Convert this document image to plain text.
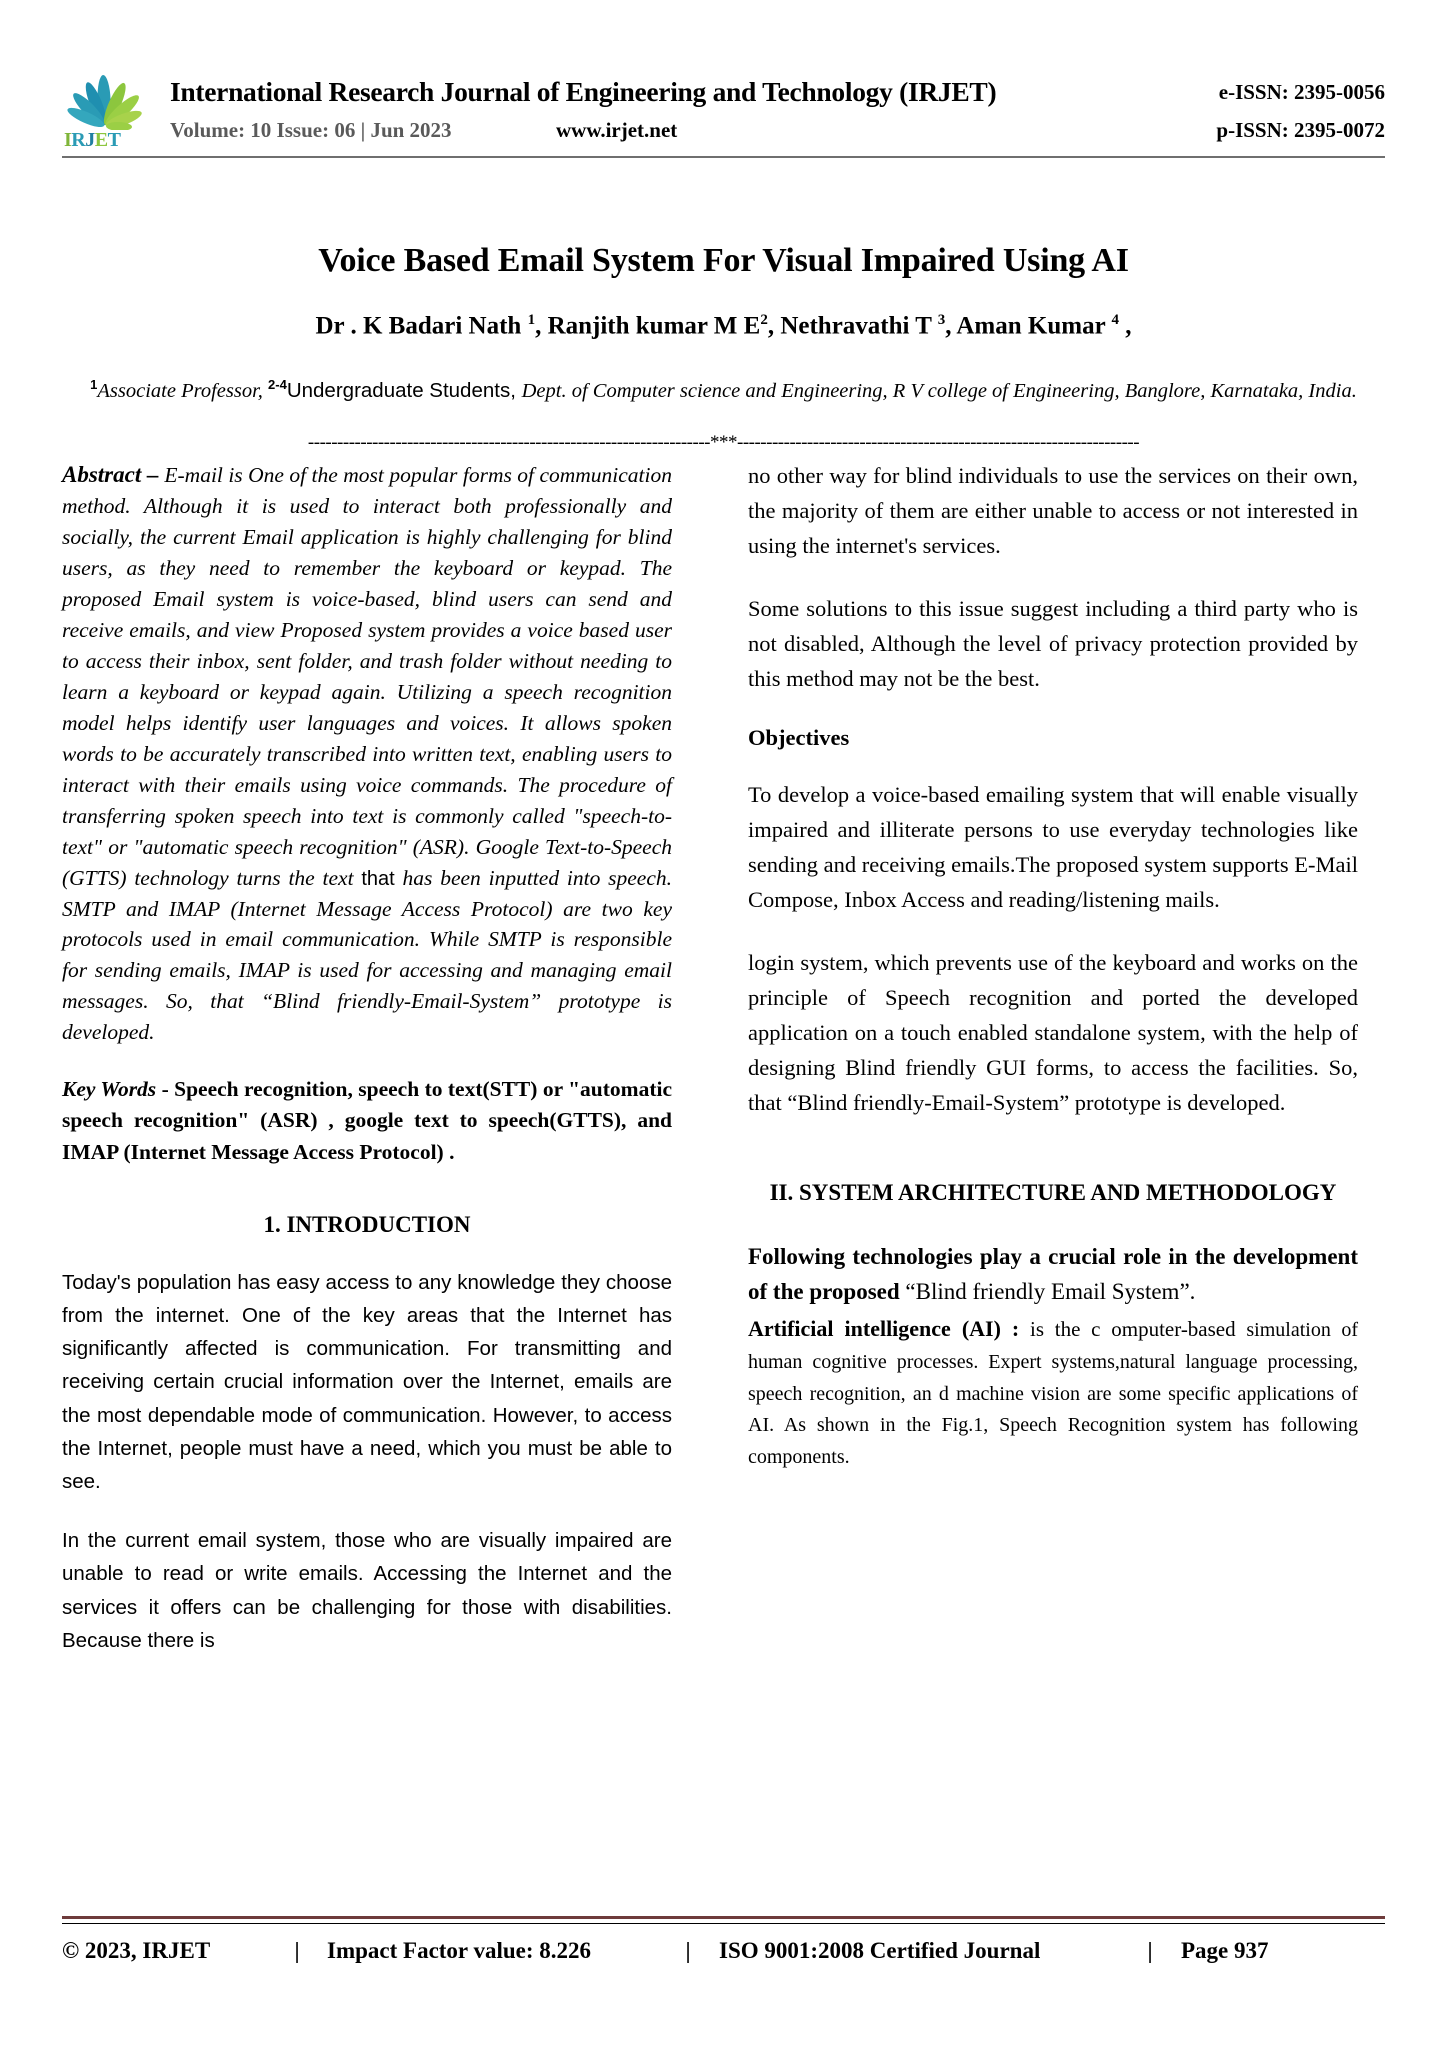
IRJET
International Research Journal of Engineering and Technology (IRJET)	e-ISSN: 2395-0056
Volume: 10 Issue: 06 | Jun 2023	www.irjet.net	p-ISSN: 2395-0072
Voice Based Email System For Visual Impaired Using AI
Dr . K Badari Nath $^1$, Ranjith kumar M $E^2$, Nethravathi T $^3$, Aman Kumar $^4$ ,
$^1$Associate Professor, $^{2-4}$Undergraduate Students, Dept. of Computer science and Engineering, R V college of Engineering, Banglore, Karnataka, India.
---------------------------------------------------------------------***---------------------------------------------------------------------

Abstract – E-mail is One of the most popular forms of communication method. Although it is used to interact both professionally and socially, the current Email application is highly challenging for blind users, as they need to remember the keyboard or keypad. The proposed Email system is voice-based, blind users can send and receive emails, and view Proposed system provides a voice based user to access their inbox, sent folder, and trash folder without needing to learn a keyboard or keypad again. Utilizing a speech recognition model helps identify user languages and voices. It allows spoken words to be accurately transcribed into written text, enabling users to interact with their emails using voice commands. The procedure of transferring spoken speech into text is commonly called "speech-to-text" or "automatic speech recognition" (ASR). Google Text-to-Speech (GTTS) technology turns the text that has been inputted into speech. SMTP and IMAP (Internet Message Access Protocol) are two key protocols used in email communication. While SMTP is responsible for sending emails, IMAP is used for accessing and managing email messages. So, that “Blind friendly-Email-System” prototype is developed.

Key Words - Speech recognition, speech to text(STT) or "automatic speech recognition" (ASR) , google text to speech(GTTS), and IMAP (Internet Message Access Protocol) .

1. INTRODUCTION

Today's population has easy access to any knowledge they choose from the internet. One of the key areas that the Internet has significantly affected is communication. For transmitting and receiving certain crucial information over the Internet, emails are the most dependable mode of communication. However, to access the Internet, people must have a need, which you must be able to see.

In the current email system, those who are visually impaired are unable to read or write emails. Accessing the Internet and the services it offers can be challenging for those with disabilities. Because there is

no other way for blind individuals to use the services on their own, the majority of them are either unable to access or not interested in using the internet's services.

Some solutions to this issue suggest including a third party who is not disabled, Although the level of privacy protection provided by this method may not be the best.

Objectives

To develop a voice-based emailing system that will enable visually impaired and illiterate persons to use everyday technologies like sending and receiving emails.The proposed system supports E-Mail Compose, Inbox Access and reading/listening mails.

login system, which prevents use of the keyboard and works on the principle of Speech recognition and ported the developed application on a touch enabled standalone system, with the help of designing Blind friendly GUI forms, to access the facilities. So, that “Blind friendly-Email-System” prototype is developed.

II. SYSTEM ARCHITECTURE AND METHODOLOGY

Following technologies play a crucial role in the development of the proposed “Blind friendly Email System”.

Artificial intelligence (AI) : is the c omputer-based simulation of human cognitive processes. Expert systems,natural language processing, speech recognition, an d machine vision are some specific applications of AI. As shown in the Fig.1, Speech Recognition system has following components.

© 2023, IRJET	|	Impact Factor value: 8.226	|	ISO 9001:2008 Certified Journal	|	Page 937
